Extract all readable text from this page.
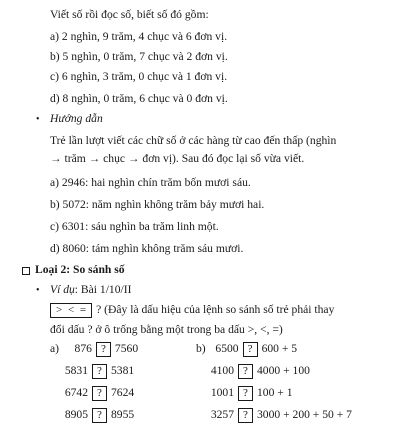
Viết số rồi đọc số, biết số đó gồm:
a) 2 nghìn, 9 trăm, 4 chục và 6 đơn vị.
b) 5 nghìn, 0 trăm, 7 chục và 2 đơn vị.
c) 6 nghìn, 3 trăm, 0 chục và 1 đơn vị.
d) 8 nghìn, 0 trăm, 6 chục và 0 đơn vị.
• Hướng dẫn
Trẻ lần lượt viết các chữ số ở các hàng từ cao đến thấp (nghìn
→ trăm → chục → đơn vị). Sau đó đọc lại số vừa viết.
a) 2946: hai nghìn chín trăm bốn mươi sáu.
b) 5072: năm nghìn không trăm bảy mươi hai.
c) 6301: sáu nghìn ba trăm linh một.
d) 8060: tám nghìn không trăm sáu mươi.
Loại 2: So sánh số
• Ví dụ: Bài 1/10/II
> < = ? (Đây là dấu hiệu của lệnh so sánh số trẻ phải thay
đổi dấu ? ở ô trống bằng một trong ba dấu >, <, =)
a) 876 ? 7560
5831 ? 5381
6742 ? 7624
8905 ? 8955
b) 6500 ? 600 + 5
4100 ? 4000 + 100
1001 ? 100 + 1
3257 ? 3000 + 200 + 50 + 7
